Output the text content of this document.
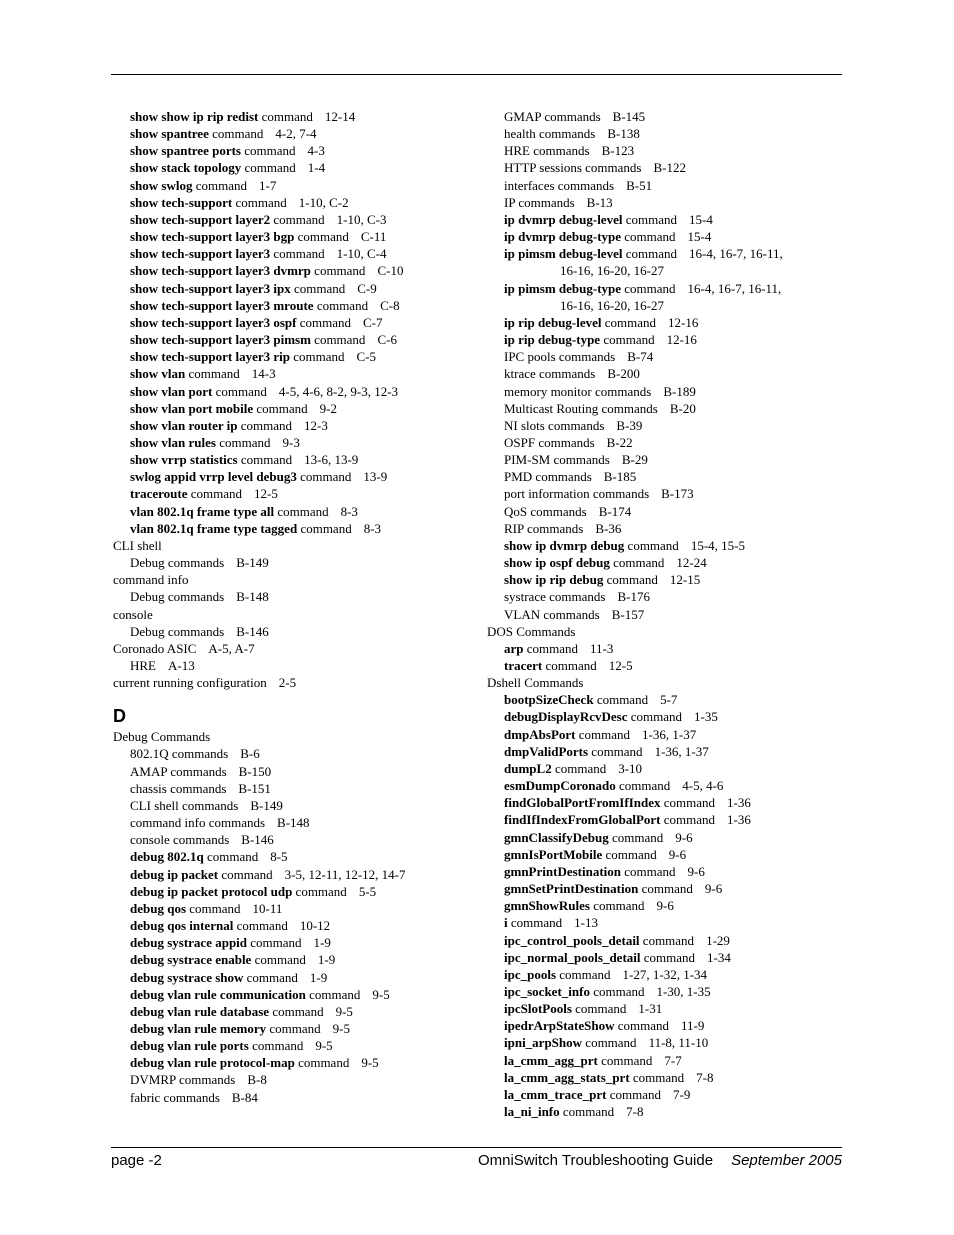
show show ip rip redist command 12-14
show spantree command 4-2, 7-4
show spantree ports command 4-3
show stack topology command 1-4
show swlog command 1-7
show tech-support command 1-10, C-2
show tech-support layer2 command 1-10, C-3
show tech-support layer3 bgp command C-11
show tech-support layer3 command 1-10, C-4
show tech-support layer3 dvmrp command C-10
show tech-support layer3 ipx command C-9
show tech-support layer3 mroute command C-8
show tech-support layer3 ospf command C-7
show tech-support layer3 pimsm command C-6
show tech-support layer3 rip command C-5
show vlan command 14-3
show vlan port command 4-5, 4-6, 8-2, 9-3, 12-3
show vlan port mobile command 9-2
show vlan router ip command 12-3
show vlan rules command 9-3
show vrrp statistics command 13-6, 13-9
swlog appid vrrp level debug3 command 13-9
traceroute command 12-5
vlan 802.1q frame type all command 8-3
vlan 802.1q frame type tagged command 8-3
CLI shell
Debug commands B-149
command info
Debug commands B-148
console
Debug commands B-146
Coronado ASIC A-5, A-7
HRE A-13
current running configuration 2-5
D
Debug Commands
802.1Q commands B-6
AMAP commands B-150
chassis commands B-151
CLI shell commands B-149
command info commands B-148
console commands B-146
debug 802.1q command 8-5
debug ip packet command 3-5, 12-11, 12-12, 14-7
debug ip packet protocol udp command 5-5
debug qos command 10-11
debug qos internal command 10-12
debug systrace appid command 1-9
debug systrace enable command 1-9
debug systrace show command 1-9
debug vlan rule communication command 9-5
debug vlan rule database command 9-5
debug vlan rule memory command 9-5
debug vlan rule ports command 9-5
debug vlan rule protocol-map command 9-5
DVMRP commands B-8
fabric commands B-84
GMAP commands B-145
health commands B-138
HRE commands B-123
HTTP sessions commands B-122
interfaces commands B-51
IP commands B-13
ip dvmrp debug-level command 15-4
ip dvmrp debug-type command 15-4
ip pimsm debug-level command 16-4, 16-7, 16-11,
16-16, 16-20, 16-27
ip pimsm debug-type command 16-4, 16-7, 16-11,
16-16, 16-20, 16-27
ip rip debug-level command 12-16
ip rip debug-type command 12-16
IPC pools commands B-74
ktrace commands B-200
memory monitor commands B-189
Multicast Routing commands B-20
NI slots commands B-39
OSPF commands B-22
PIM-SM commands B-29
PMD commands B-185
port information commands B-173
QoS commands B-174
RIP commands B-36
show ip dvmrp debug command 15-4, 15-5
show ip ospf debug command 12-24
show ip rip debug command 12-15
systrace commands B-176
VLAN commands B-157
DOS Commands
arp command 11-3
tracert command 12-5
Dshell Commands
bootpSizeCheck command 5-7
debugDisplayRcvDesc command 1-35
dmpAbsPort command 1-36, 1-37
dmpValidPorts command 1-36, 1-37
dumpL2 command 3-10
esmDumpCoronado command 4-5, 4-6
findGlobalPortFromIfIndex command 1-36
findIfIndexFromGlobalPort command 1-36
gmnClassifyDebug command 9-6
gmnIsPortMobile command 9-6
gmnPrintDestination command 9-6
gmnSetPrintDestination command 9-6
gmnShowRules command 9-6
i command 1-13
ipc_control_pools_detail command 1-29
ipc_normal_pools_detail command 1-34
ipc_pools command 1-27, 1-32, 1-34
ipc_socket_info command 1-30, 1-35
ipcSlotPools command 1-31
ipedrArpStateShow command 11-9
ipni_arpShow command 11-8, 11-10
la_cmm_agg_prt command 7-7
la_cmm_agg_stats_prt command 7-8
la_cmm_trace_prt command 7-9
la_ni_info command 7-8
page -2	OmniSwitch Troubleshooting Guide September 2005
